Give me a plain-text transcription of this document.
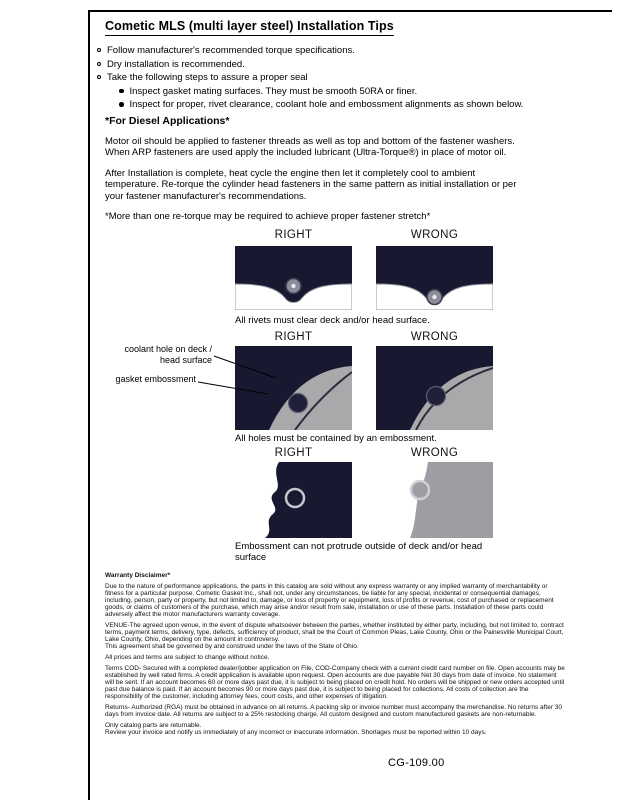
Cometic MLS (multi layer steel) Installation Tips
Follow manufacturer's recommended torque specifications.
Dry installation is recommended.
Take the following steps to assure a proper seal
Inspect gasket mating surfaces. They must be smooth 50RA or finer.
Inspect for proper, rivet clearance, coolant hole and embossment alignments as shown below.
*For Diesel Applications*

Motor oil should be applied to fastener threads as well as top and bottom of the fastener washers. When ARP fasteners are used apply the included lubricant (Ultra-Torque®) in place of motor oil.

After Installation is complete, heat cycle the engine then let it completely cool to ambient temperature. Re-torque the cylinder head fasteners in the same pattern as initial installation or per your fastener manufacturer's recommendations.

*More than one re-torque may be required to achieve proper fastener stretch*

RIGHT	WRONG
All rivets must clear deck and/or head surface.
RIGHT	WRONG
coolant hole on deck / head surface
gasket embossment
All holes must be contained by an embossment.
RIGHT	WRONG
Embossment can not protrude outside of deck and/or head surface
Warranty Disclaimer*
Due to the nature of performance applications, the parts in this catalog are sold without any express warranty or any implied warranty of merchantability or fitness for a particular purpose. Cometic Gasket Inc., shall not, under any circumstances, be liable for any special, incidental or consequential damages, including, person, party or property, but not limited to, damage, or loss of property or equipment, loss of profits or revenue, cost of purchased or replacement goods, or claims of customers of the purchase, which may arise and/or result from sale, installation or use of these parts. Installation of these parts could adversely affect the motor manufacturers warranty coverage.
VENUE-The agreed upon venue, in the event of dispute whatsoever between the parties, whether instituted by either party, including, but not limited to, contract terms, payment terms, delivery, type, defects, sufficiency of product, shall be the Court of Common Pleas, Lake County, Ohio or the Painesville Municipal Court, Lake County, Ohio, depending on the amount in controversy.
This agreement shall be governed by and construed under the laws of the State of Ohio.
All prices and terms are subject to change without notice.
Terms COD- Secured with a completed dealer/jobber application on File, COD-Company check with a current credit card number on file. Open accounts may be established by well rated firms. A credit application is available upon request. Open accounts are due payable Net 30 days from date of invoice. No statement will be sent. If an account becomes 60 or more days past due, it is subject to being placed on credit hold. No orders will be shipped or new orders accepted until past due balance is paid. If an account becomes 90 or more days past due, it is subject to being placed for collections. All costs of collection are the responsibility of the customer, including attorney fees, court costs, and other expenses of litigation.
Returns- Authorized (RGA) must be obtained in advance on all returns. A packing slip or invoice number must accompany the merchandise. No returns after 30 days from invoice date. All returns are subject to a 25% restocking charge. All custom designed and custom manufactured gaskets are non-returnable.
Only catalog parts are returnable.
Review your invoice and notify us immediately of any incorrect or inaccurate information. Shortages must be reported within 10 days.
CG-109.00
